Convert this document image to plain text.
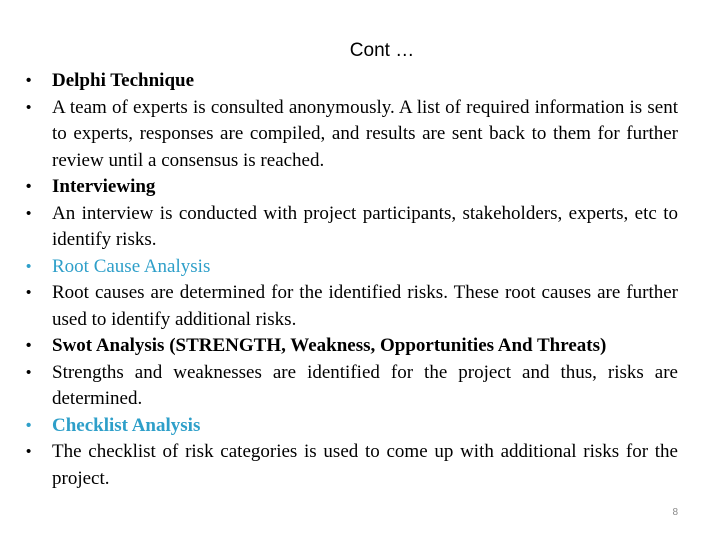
Cont …
• Delphi Technique
• A team of experts is consulted anonymously. A list of required information is sent to experts, responses are compiled, and results are sent back to them for further review until a consensus is reached.
• Interviewing
• An interview is conducted with project participants, stakeholders, experts, etc to identify risks.
• Root Cause Analysis
• Root causes are determined for the identified risks. These root causes are further used to identify additional risks.
• Swot Analysis (STRENGTH, Weakness, Opportunities And Threats)
• Strengths and weaknesses are identified for the project and thus, risks are determined.
• Checklist Analysis
• The checklist of risk categories is used to come up with additional risks for the project.
8
